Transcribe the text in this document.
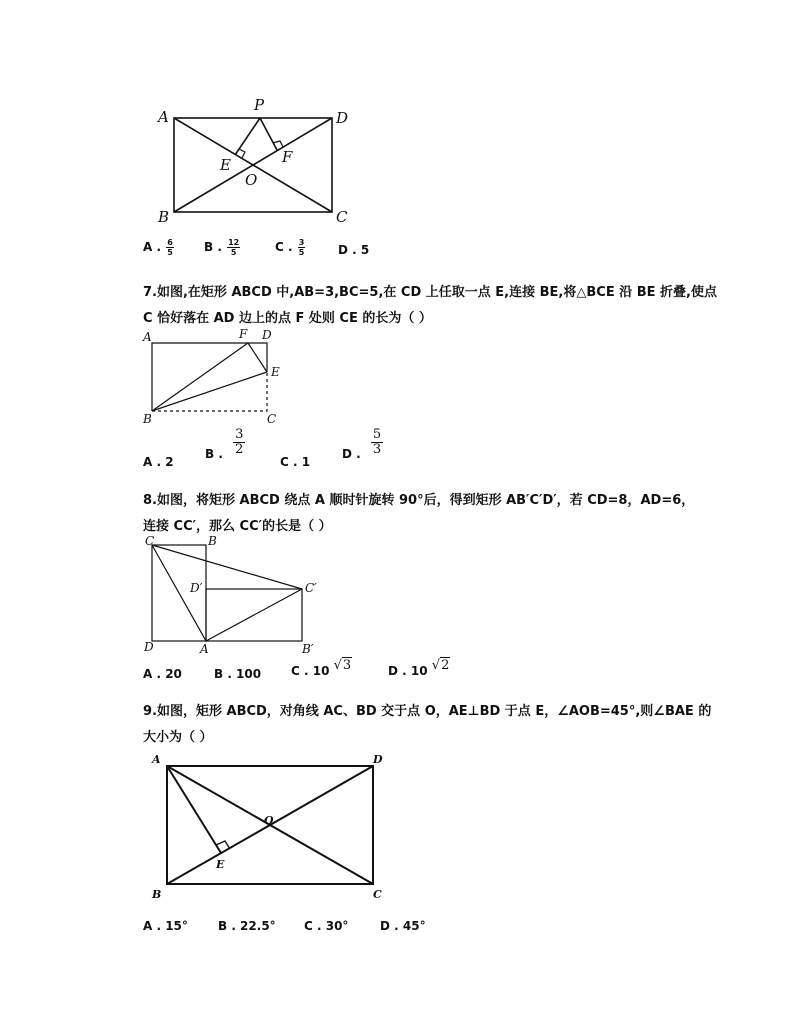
A
P
D
E	F
O
B	C
A . $\frac{6}{5}$	B . $\frac{12}{5}$	C . $\frac{3}{5}$	D . 5
7.如图,在矩形 ABCD 中,AB=3,BC=5,在 CD 上任取一点 E,连接 BE,将△BCE 沿 BE 折叠,使点
C 恰好落在 AD 边上的点 F 处则 CE 的长为（ ）
A	F D
E
B	C
A . 2
B . $\frac{3}{2}$
C . 1
D . $\frac{5}{3}$
8.如图，将矩形 ABCD 绕点 A 顺时针旋转 90°后，得到矩形 AB′C′D′，若 CD=8，AD=6，
连接 CC′，那么 CC′的长是（ ）
C	B
D′	C′
D	A	B′
A . 20	B . 100 C . 10 √3	D . 10 √2
9.如图，矩形 ABCD，对角线 AC、BD 交于点 O，AE⊥BD 于点 E，∠AOB=45°,则∠BAE 的
大小为（ ）
A	D
O
E
B	C
A . 15°	B . 22.5° C . 30°	D . 45°
